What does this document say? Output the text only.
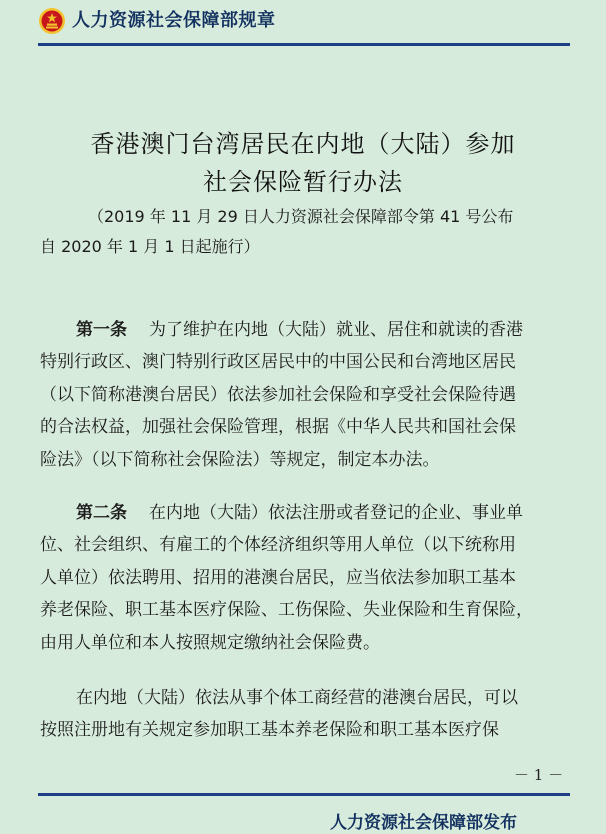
人力资源社会保障部规章
香港澳门台湾居民在内地（大陆）参加
社会保险暂行办法
（2019 年 11 月 29 日人力资源社会保障部令第 41 号公布
自 2020 年 1 月 1 日起施行）
第一条 为了维护在内地（大陆）就业、居住和就读的香港
特别行政区、澳门特别行政区居民中的中国公民和台湾地区居民
（以下简称港澳台居民）依法参加社会保险和享受社会保险待遇
的合法权益，加强社会保险管理，根据《中华人民共和国社会保
险法》（以下简称社会保险法）等规定，制定本办法。
第二条 在内地（大陆）依法注册或者登记的企业、事业单
位、社会组织、有雇工的个体经济组织等用人单位（以下统称用
人单位）依法聘用、招用的港澳台居民，应当依法参加职工基本
养老保险、职工基本医疗保险、工伤保险、失业保险和生育保险，
由用人单位和本人按照规定缴纳社会保险费。
在内地（大陆）依法从事个体工商经营的港澳台居民，可以
按照注册地有关规定参加职工基本养老保险和职工基本医疗保
－ 1 －
人力资源社会保障部发布
